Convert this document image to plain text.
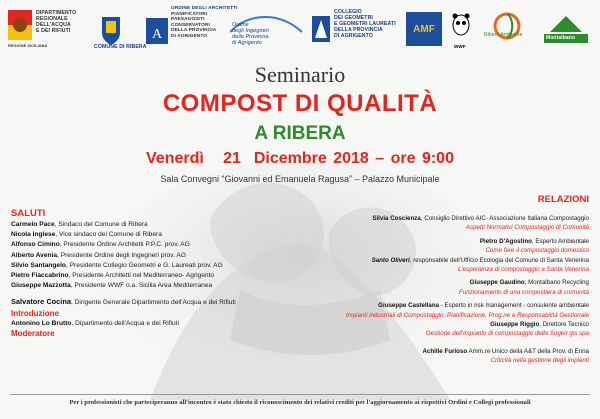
DIPARTIMENTO
REGIONALE
DELL'ACQUA
E DEI RIFIUTI
REGIONE SICILIANA	COMUNE DI RIBERA
A
ORDINE DEGLI ARCHITETTI
PIANIFICATORI
PAESAGGISTI
CONSERVATORI
DELLA PROVINCIA
DI AGRIGENTO
Ordine
degli Ingegneri
della Provincia
di Agrigento
COLLEGIO
DEI GEOMETRI
E GEOMETRI LAUREATI
DELLA PROVINCIA
DI AGRIGENTO
AMF
WWF
Ribera Ambiente	Montalbano
Seminario
COMPOST DI QUALITÀ
A RIBERA
Venerdì   21  Dicembre 2018 – ore 9:00
Sala Convegni “Giovanni ed Emanuela Ragusa” – Palazzo Municipale
SALUTI
Carmelo Pace, Sindaco del Comune di Ribera
Nicola Inglese, Vice sindaco del Comune di Ribera
Alfonso Cimino, Presidente Ordine Architetti P.P.C. prov. AG
Alberto Avenia, Presidente Ordine degli Ingegneri prov. AG
Silvio Santangelo, Presidente Collegio Geometri e G. Laureati prov. AG
Pietro Fiaccabrino, Presidente Architetti nel Mediterraneo- Agrigento
Giuseppe Mazzotta, Presidente WWF o.a. Sicilia Area Mediterranea
Salvatore Cocina, Dirigente Generale Dipartimento dell'Acqua e dei Rifiuti
Introduzione
Antonino Lo Brutto, Dipartimento dell'Acqua e dei Rifiuti
Moderatore
RELAZIONI
Silvia Coscienza, Consiglio Direttivo AIC- Associazione Italiana Compostaggio
Aspetti Normativi Compostaggio di Comunità
Pietro D'Agostino, Esperto Ambientale
Come fare il compostaggio domestico
Santo Oliveri, responsabile dell'Ufficio Ecologia del Comune di Santa Venerina
L'esperienza di compostaggio a Santa Venerina
Giuseppe Gaudino, Montalbano Recycling
Funzionamento di una compostiera di comunità
Giuseppe Castellana - Esperto in risk management - consulente ambientale
Impianti industriali di Compostaggio: Pianificazione, Prog.ne e Responsabilità Gestionale
Giuseppe Riggio, Direttore Tecnico
Gestione dell'impianto di compostaggio della Sogeir gis spa
Achille Furioso Amm.re Unico della A&T della Prov. di Enna
Criticità nella gestione degli impianti
Per i professionisti che parteciperanno all'incontro è stato chiesto il riconoscimento dei relativi crediti per l'aggiornamento ai rispettivi Ordini e Collegi professionali
